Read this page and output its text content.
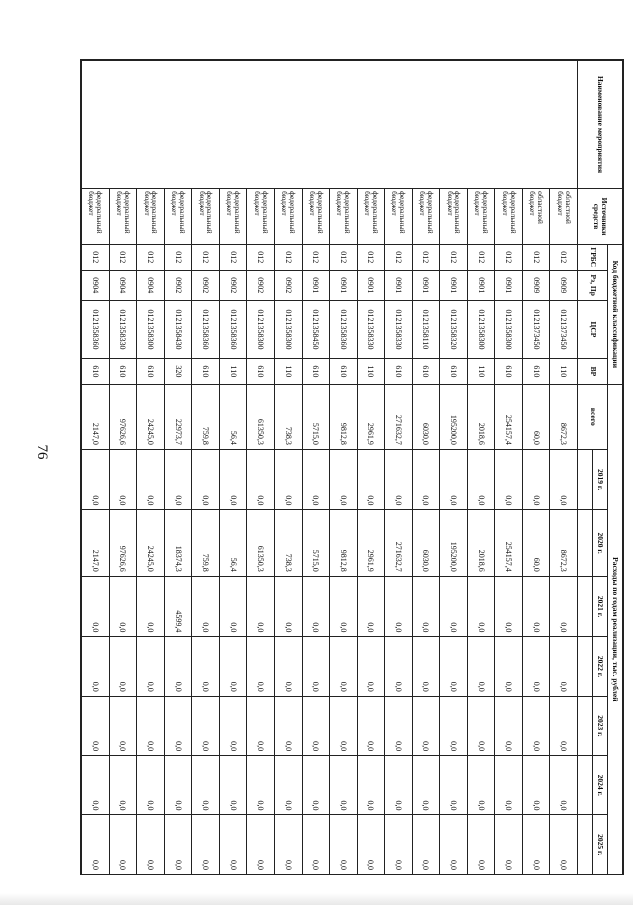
76
Наименование мероприятия	Источники средств	Код бюджетной классификации				Расходы по годам реализации, тыс. рублей							
		ГРБС	Рз, Пр	ЦСР	ВР	всего	2019 г.	2020 г.	2021 г.	2022 г.	2023 г.	2024 г.	2025 г.

	областной бюджет	012	0909	0121373450	110	8672,3	0,0	8672,3	0,0	0,0	0,0	0,0	0,0
	областной бюджет	012	0909	0121373450	610	60,0	0,0	60,0	0,0	0,0	0,0	0,0	0,0
	федеральный бюджет	012	0901	0121358300	610	254157,4	0,0	254157,4	0,0	0,0	0,0	0,0	0,0
	федеральный бюджет	012	0901	0121358300	110	2018,6	0,0	2018,6	0,0	0,0	0,0	0,0	0,0
	федеральный бюджет	012	0901	0121358320	610	195200,0	0,0	195200,0	0,0	0,0	0,0	0,0	0,0
	федеральный бюджет	012	0901	0121358110	610	6030,0	0,0	6030,0	0,0	0,0	0,0	0,0	0,0
	федеральный бюджет	012	0901	0121358330	610	271632,7	0,0	271632,7	0,0	0,0	0,0	0,0	0,0
	федеральный бюджет	012	0901	0121358330	110	2961,9	0,0	2961,9	0,0	0,0	0,0	0,0	0,0
	федеральный бюджет	012	0901	0121358360	610	9812,8	0,0	9812,8	0,0	0,0	0,0	0,0	0,0
	федеральный бюджет	012	0901	0121358450	610	5715,0	0,0	5715,0	0,0	0,0	0,0	0,0	0,0
	федеральный бюджет	012	0902	0121358300	110	738,3	0,0	738,3	0,0	0,0	0,0	0,0	0,0
	федеральный бюджет	012	0902	0121358300	610	61350,3	0,0	61350,3	0,0	0,0	0,0	0,0	0,0
	федеральный бюджет	012	0902	0121358360	110	56,4	0,0	56,4	0,0	0,0	0,0	0,0	0,0
	федеральный бюджет	012	0902	0121358360	610	759,8	0,0	759,8	0,0	0,0	0,0	0,0	0,0
	федеральный бюджет	012	0902	0121358430	320	22973,7	0,0	18374,3	4599,4	0,0	0,0	0,0	0,0
	федеральный бюджет	012	0904	0121358300	610	24245,0	0,0	24245,0	0,0	0,0	0,0	0,0	0,0
	федеральный бюджет	012	0904	0121358330	610	97626,6	0,0	97626,6	0,0	0,0	0,0	0,0	0,0
	федеральный бюджет	012	0904	0121358360	610	2147,0	0,0	2147,0	0,0	0,0	0,0	0,0	0,0
